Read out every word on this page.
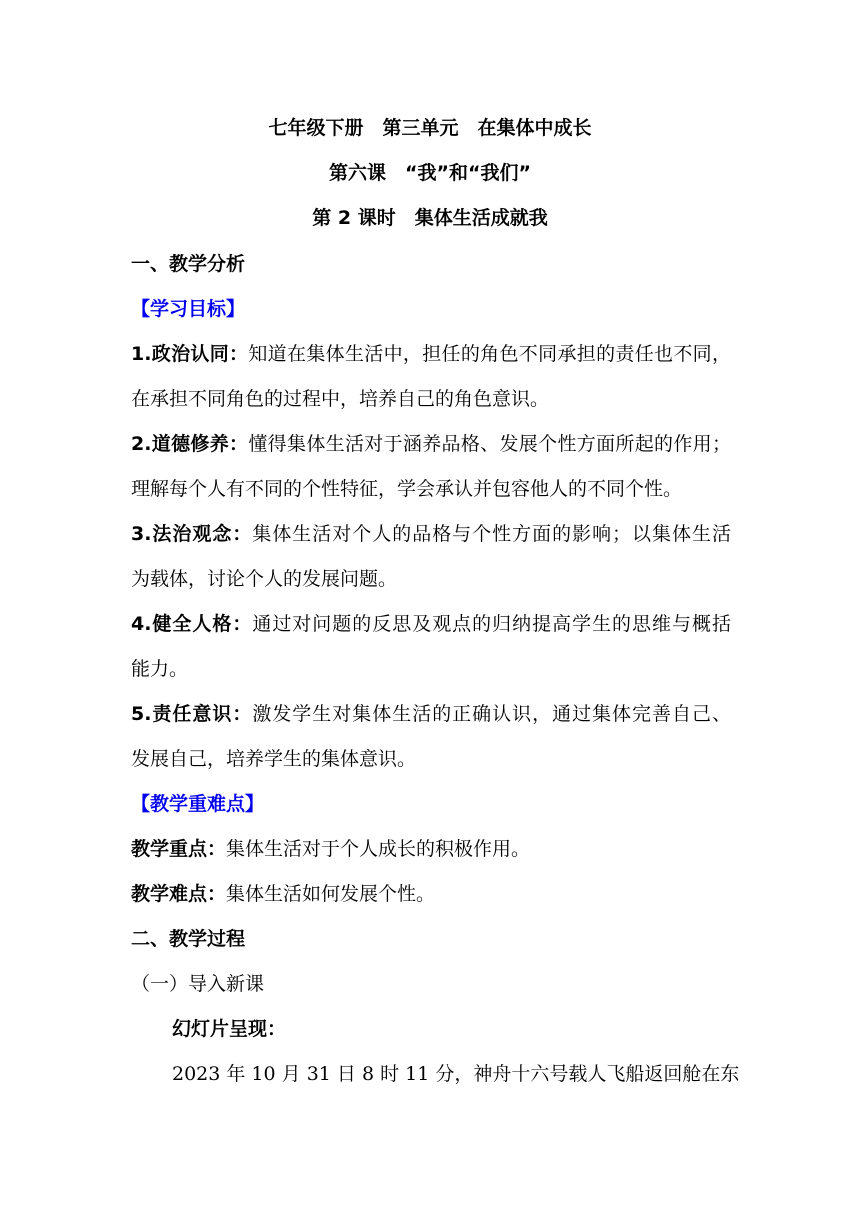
七年级下册　第三单元　在集体中成长
第六课　“我”和“我们”
第 2 课时　集体生活成就我
一、教学分析
【学习目标】
1.政治认同：知道在集体生活中，担任的角色不同承担的责任也不同，
在承担不同角色的过程中，培养自己的角色意识。
2.道德修养：懂得集体生活对于涵养品格、发展个性方面所起的作用；
理解每个人有不同的个性特征，学会承认并包容他人的不同个性。
3.法治观念：集体生活对个人的品格与个性方面的影响；以集体生活
为载体，讨论个人的发展问题。
4.健全人格：通过对问题的反思及观点的归纳提高学生的思维与概括
能力。
5.责任意识：激发学生对集体生活的正确认识，通过集体完善自己、
发展自己，培养学生的集体意识。
【教学重难点】
教学重点：集体生活对于个人成长的积极作用。
教学难点：集体生活如何发展个性。
二、教学过程
（一）导入新课
幻灯片呈现：
2023 年 10 月 31 日 8 时 11 分，神舟十六号载人飞船返回舱在东
